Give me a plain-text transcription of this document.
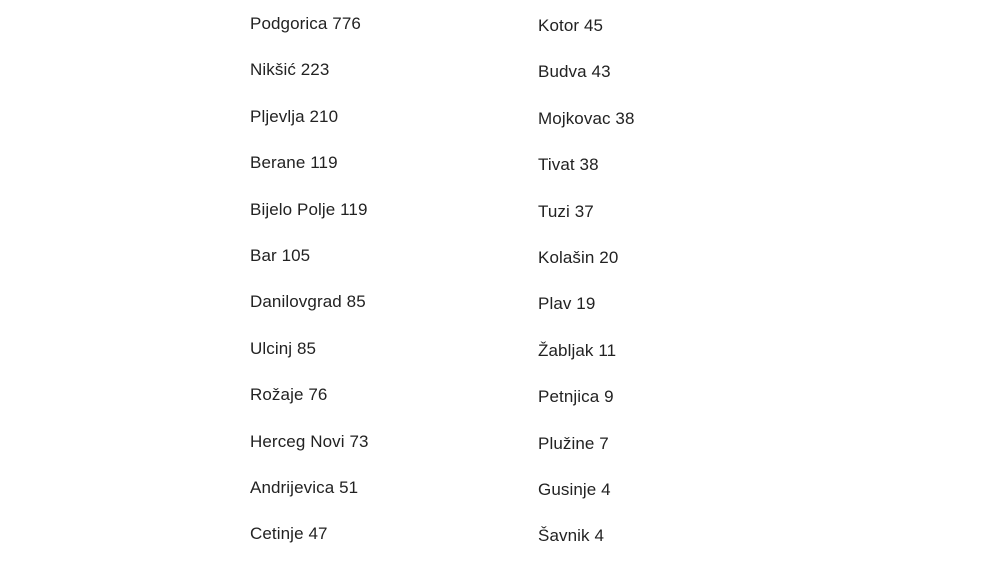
Podgorica 776
Nikšić 223
Pljevlja 210
Berane 119
Bijelo Polje 119
Bar 105
Danilovgrad 85
Ulcinj 85
Rožaje 76
Herceg Novi 73
Andrijevica 51
Cetinje 47
Kotor 45
Budva 43
Mojkovac 38
Tivat 38
Tuzi 37
Kolašin 20
Plav 19
Žabljak 11
Petnjica 9
Plužine 7
Gusinje 4
Šavnik 4
